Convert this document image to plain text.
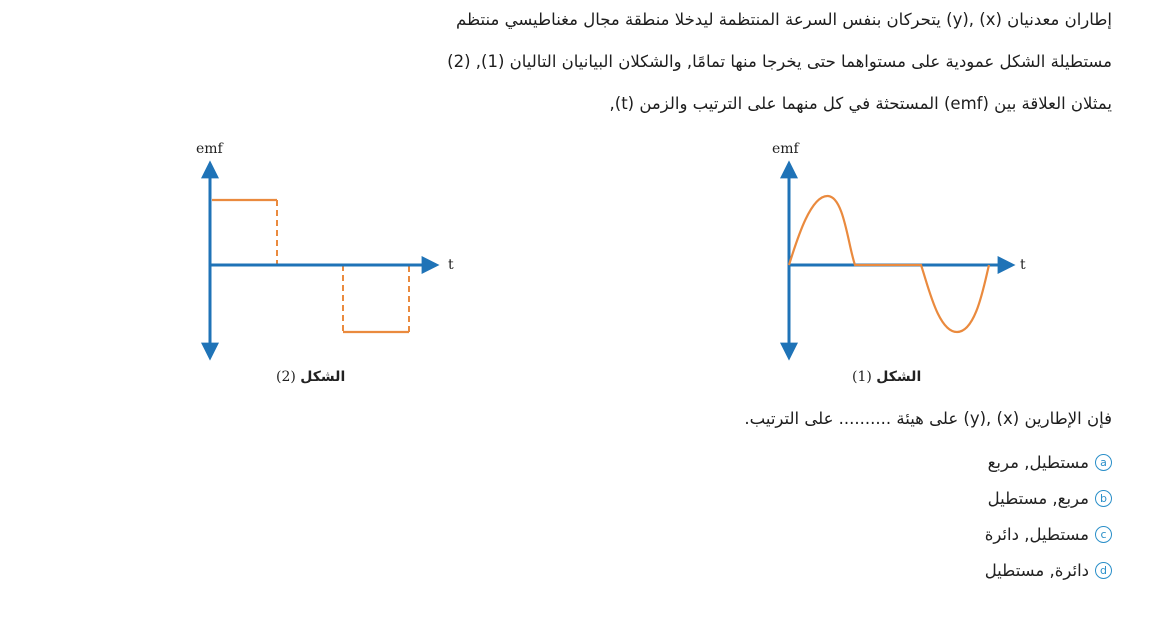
إطاران معدنيان (x) ,(y) يتحركان بنفس السرعة المنتظمة ليدخلا منطقة مجال مغناطيسي منتظم
مستطيلة الشكل عمودية على مستواهما حتى يخرجا منها تمامًا, والشكلان البيانيان التاليان (1), (2)
يمثلان العلاقة بين (emf) المستحثة في كل منهما على الترتيب والزمن (t),
emf
t
الشكل (1)
emf
t
الشكل (2)
فإن الإطارين (x) ,(y) على هيئة .......... على الترتيب.
a
مستطيل, مربع
b
مربع, مستطيل
c
مستطيل, دائرة
d
دائرة, مستطيل
